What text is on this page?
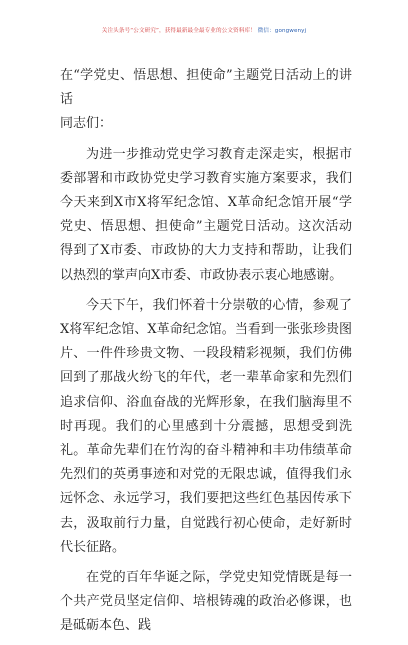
关注头条号“公文研究”，获得最新最全最专业的公文资料库！ 微信：gongwenyj

在“学党史、悟思想、担使命”主题党日活动上的讲话

同志们：

为进一步推动党史学习教育走深走实，根据市委部署和市政协党史学习教育实施方案要求，我们今天来到X市X将军纪念馆、X革命纪念馆开展“学党史、悟思想、担使命”主题党日活动。这次活动得到了X市委、市政协的大力支持和帮助，让我们以热烈的掌声向X市委、市政协表示衷心地感谢。

今天下午，我们怀着十分崇敬的心情，参观了X将军纪念馆、X革命纪念馆。当看到一张张珍贵图片、一件件珍贵文物、一段段精彩视频，我们仿佛回到了那战火纷飞的年代，老一辈革命家和先烈们追求信仰、浴血奋战的光辉形象，在我们脑海里不时再现。我们的心里感到十分震撼，思想受到洗礼。革命先辈们在竹沟的奋斗精神和丰功伟绩革命先烈们的英勇事迹和对党的无限忠诚，值得我们永远怀念、永远学习，我们要把这些红色基因传承下去，汲取前行力量，自觉践行初心使命，走好新时代长征路。

在党的百年华诞之际，学党史知党情既是每一个共产党员坚定信仰、培根铸魂的政治必修课，也是砥砺本色、践
